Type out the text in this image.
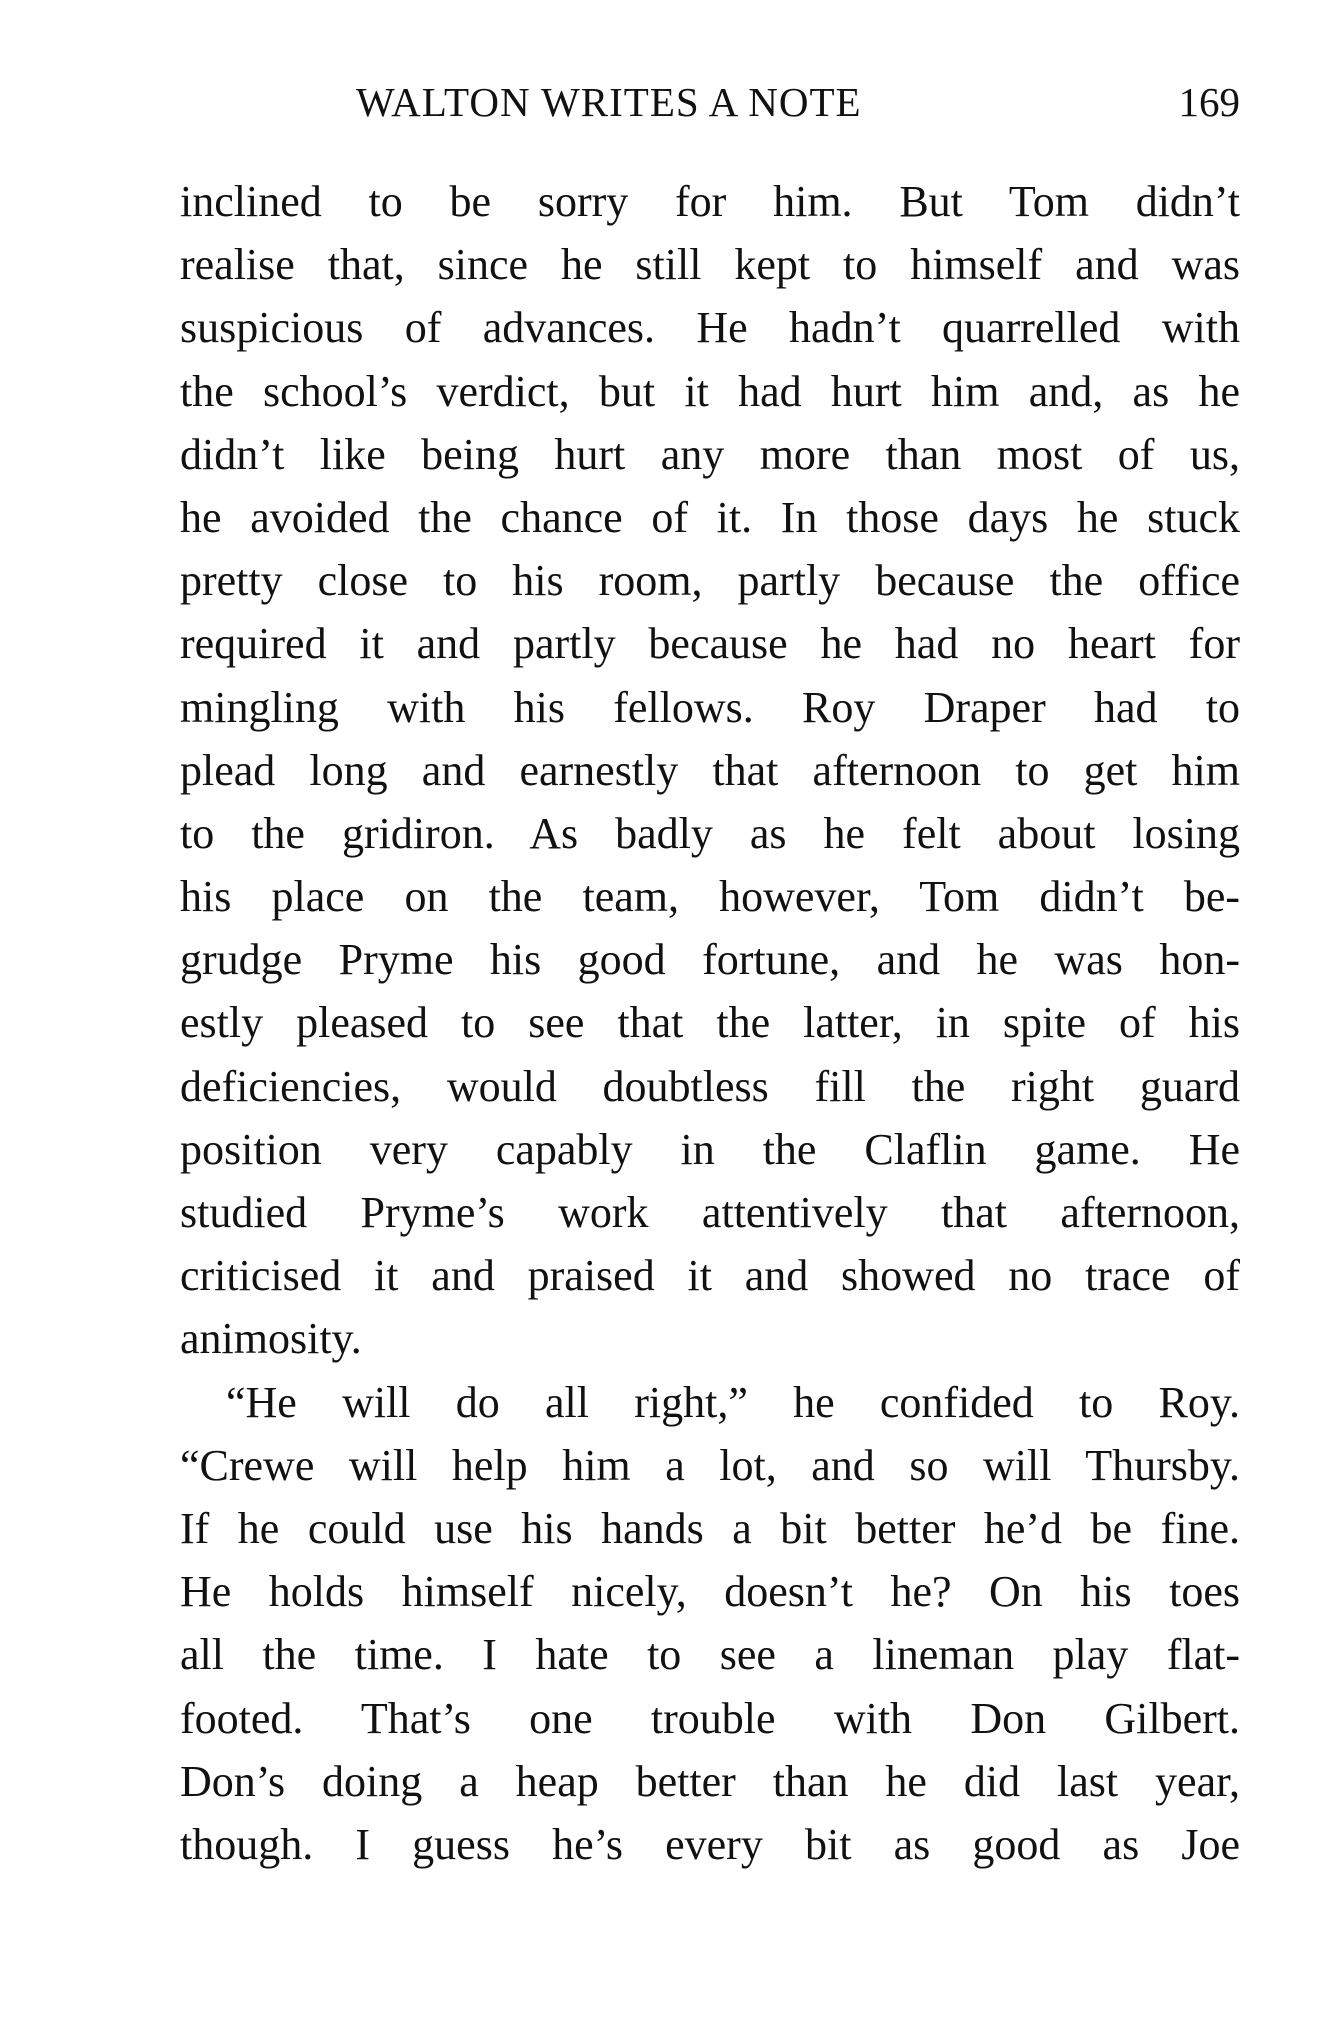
WALTON WRITES A NOTE	169
inclined to be sorry for him. But Tom didn’t
realise that, since he still kept to himself and was
suspicious of advances. He hadn’t quarrelled with
the school’s verdict, but it had hurt him and, as he
didn’t like being hurt any more than most of us,
he avoided the chance of it. In those days he stuck
pretty close to his room, partly because the office
required it and partly because he had no heart for
mingling with his fellows. Roy Draper had to
plead long and earnestly that afternoon to get him
to the gridiron. As badly as he felt about losing
his place on the team, however, Tom didn’t be-
grudge Pryme his good fortune, and he was hon-
estly pleased to see that the latter, in spite of his
deficiencies, would doubtless fill the right guard
position very capably in the Claflin game. He
studied Pryme’s work attentively that afternoon,
criticised it and praised it and showed no trace of
animosity.
“He will do all right,” he confided to Roy.
“Crewe will help him a lot, and so will Thursby.
If he could use his hands a bit better he’d be fine.
He holds himself nicely, doesn’t he? On his toes
all the time. I hate to see a lineman play flat-
footed. That’s one trouble with Don Gilbert.
Don’s doing a heap better than he did last year,
though. I guess he’s every bit as good as Joe
